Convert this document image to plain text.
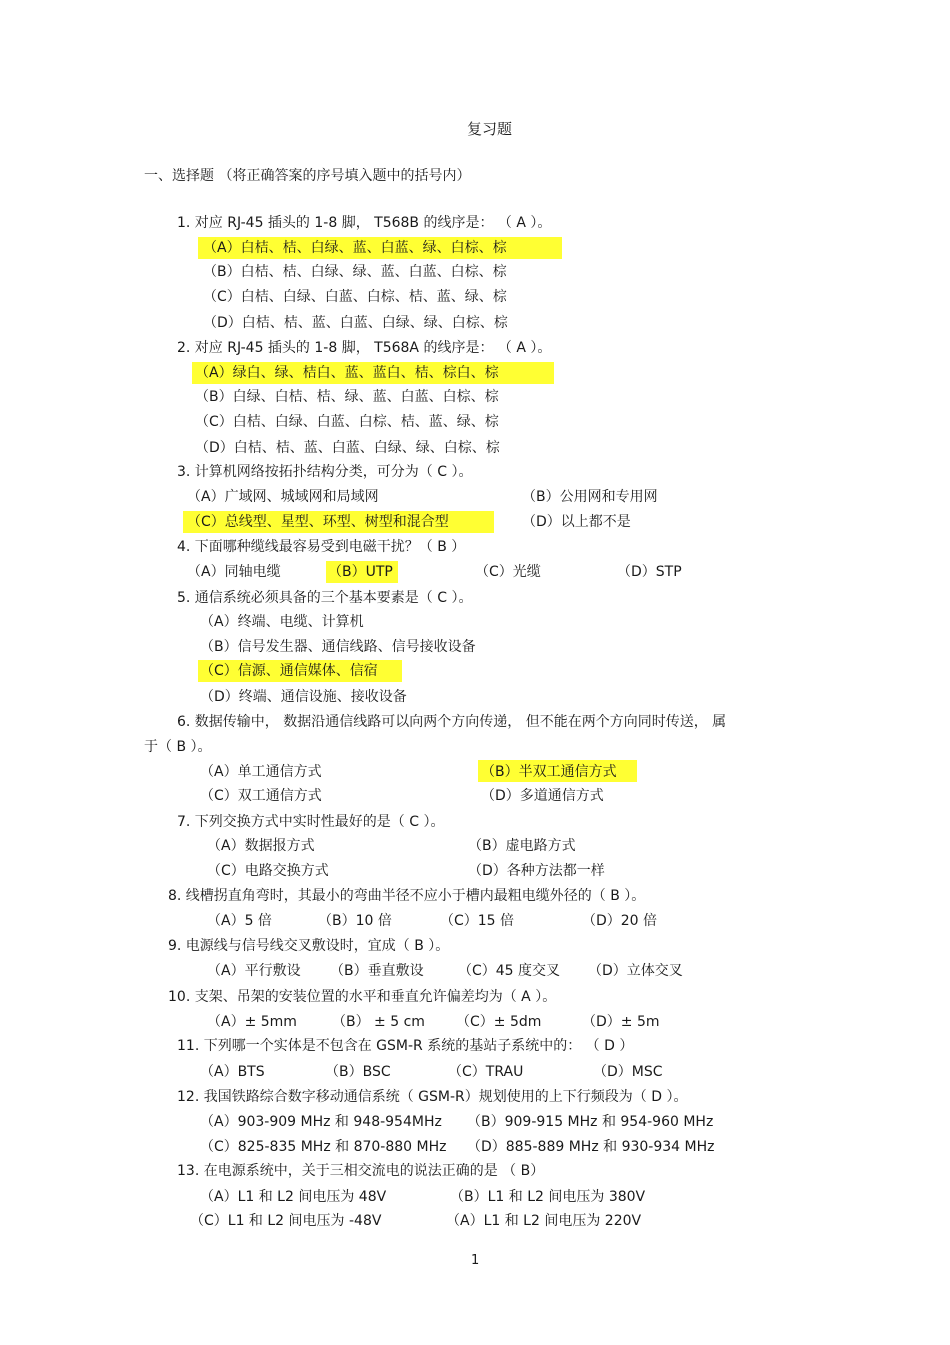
复习题
一、选择题 （将正确答案的序号填入题中的括号内）
1. 对应 RJ-45 插头的 1-8 脚， T568B 的线序是： （ A ）。
（A）白桔、桔、白绿、蓝、白蓝、绿、白棕、棕
（B）白桔、桔、白绿、绿、蓝、白蓝、白棕、棕
（C）白桔、白绿、白蓝、白棕、桔、蓝、绿、棕
（D）白桔、桔、蓝、白蓝、白绿、绿、白棕、棕
2. 对应 RJ-45 插头的 1-8 脚， T568A 的线序是： （ A ）。
（A）绿白、绿、桔白、蓝、蓝白、桔、棕白、棕
（B）白绿、白桔、桔、绿、蓝、白蓝、白棕、棕
（C）白桔、白绿、白蓝、白棕、桔、蓝、绿、棕
（D）白桔、桔、蓝、白蓝、白绿、绿、白棕、棕
3. 计算机网络按拓扑结构分类，可分为（ C ）。
（A）广域网、城域网和局域网	（B）公用网和专用网
（C）总线型、星型、环型、树型和混合型	（D）以上都不是
4. 下面哪种缆线最容易受到电磁干扰？（ B ）
（A）同轴电缆	（B）UTP	（C）光缆	（D）STP
5. 通信系统必须具备的三个基本要素是（ C ）。
（A）终端、电缆、计算机
（B）信号发生器、通信线路、信号接收设备
（C）信源、通信媒体、信宿
（D）终端、通信设施、接收设备
6. 数据传输中， 数据沿通信线路可以向两个方向传递， 但不能在两个方向同时传送， 属
于（ B ）。
（A）单工通信方式	（B）半双工通信方式
（C）双工通信方式	（D）多道通信方式
7. 下列交换方式中实时性最好的是（ C ）。
（A）数据报方式	（B）虚电路方式
（C）电路交换方式	（D）各种方法都一样
8. 线槽拐直角弯时，其最小的弯曲半径不应小于槽内最粗电缆外径的（ B ）。
（A）5 倍	（B）10 倍	（C）15 倍	（D）20 倍
9. 电源线与信号线交叉敷设时，宜成（ B ）。
（A）平行敷设 （B）垂直敷设 （C）45 度交叉 （D）立体交叉
10. 支架、吊架的安装位置的水平和垂直允许偏差均为（ A ）。
（A）± 5mm	（B） ± 5 cm （C）± 5dm	（D）± 5m
11. 下列哪一个实体是不包含在 GSM-R 系统的基站子系统中的： （ D ）
（A）BTS	（B）BSC	（C）TRAU	（D）MSC
12. 我国铁路综合数字移动通信系统（ GSM-R）规划使用的上下行频段为（ D ）。
（A）903-909 MHz 和 948-954MHz （B）909-915 MHz 和 954-960 MHz
（C）825-835 MHz 和 870-880 MHz （D）885-889 MHz 和 930-934 MHz
13. 在电源系统中，关于三相交流电的说法正确的是 （ B）
（A）L1 和 L2 间电压为 48V	（B）L1 和 L2 间电压为 380V
（C）L1 和 L2 间电压为 -48V	（A）L1 和 L2 间电压为 220V
1
